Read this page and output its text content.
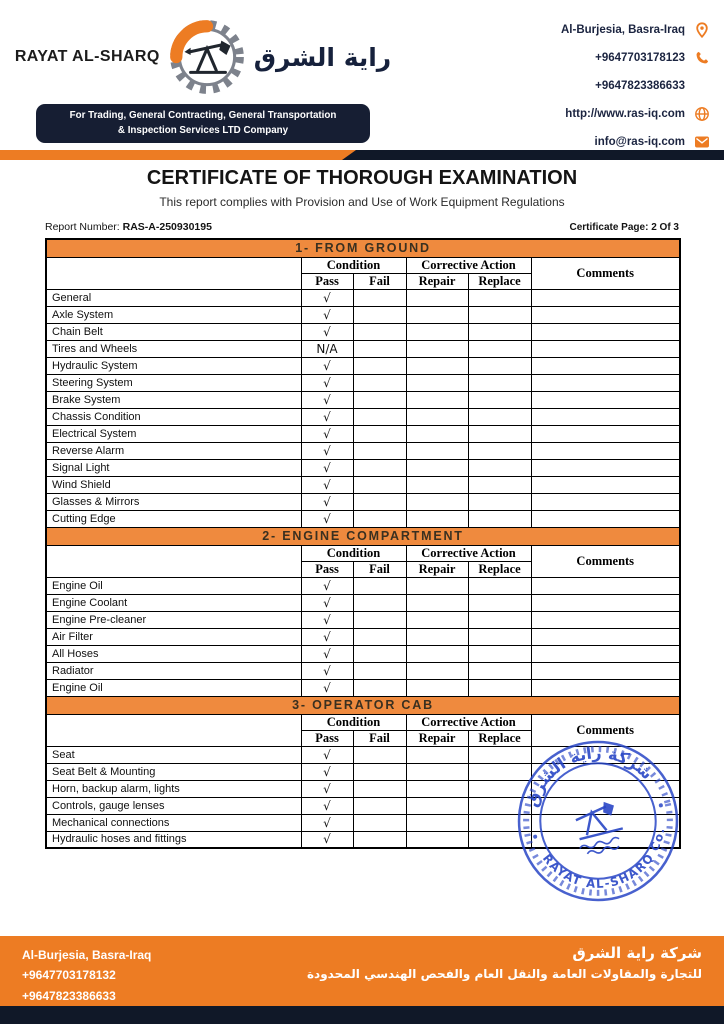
RAYAT AL-SHARQ	راية الشرق
For Trading, General Contracting, General Transportation
& Inspection Services LTD Company
Al-Burjesia, Basra-Iraq
+9647703178123
+9647823386633
http://www.ras-iq.com
info@ras-iq.com
CERTIFICATE OF THOROUGH EXAMINATION
This report complies with Provision and Use of Work Equipment Regulations
Report Number: RAS-A-250930195	Certificate Page: 2 Of 3
1- FROM GROUND					
	Condition		Corrective Action		Comments
	Pass	Fail	Repair	Replace	
General	√				
Axle System	√				
Chain Belt	√				
Tires and Wheels	N/A				
Hydraulic System	√				
Steering System	√				
Brake System	√				
Chassis Condition	√				
Electrical System	√				
Reverse Alarm	√				
Signal Light	√				
Wind Shield	√				
Glasses & Mirrors	√				
Cutting Edge	√				
2- ENGINE COMPARTMENT					
	Condition		Corrective Action		Comments
	Pass	Fail	Repair	Replace	
Engine Oil	√				
Engine Coolant	√				
Engine Pre-cleaner	√				
Air Filter	√				
All Hoses	√				
Radiator	√				
Engine Oil	√				
3- OPERATOR CAB					
	Condition		Corrective Action		Comments
	Pass	Fail	Repair	Replace	
Seat	√				
Seat Belt & Mounting	√				
Horn, backup alarm, lights	√				
Controls, gauge lenses	√				
Mechanical connections	√				
Hydraulic hoses and fittings	√				
شركة راية الشرق
RAYAT AL-SHARQ Co.
Al-Burjesia, Basra-Iraq
+9647703178132
+9647823386633
شركة راية الشرق
للتجارة والمقاولات العامة والنقل العام والفحص الهندسي المحدودة
